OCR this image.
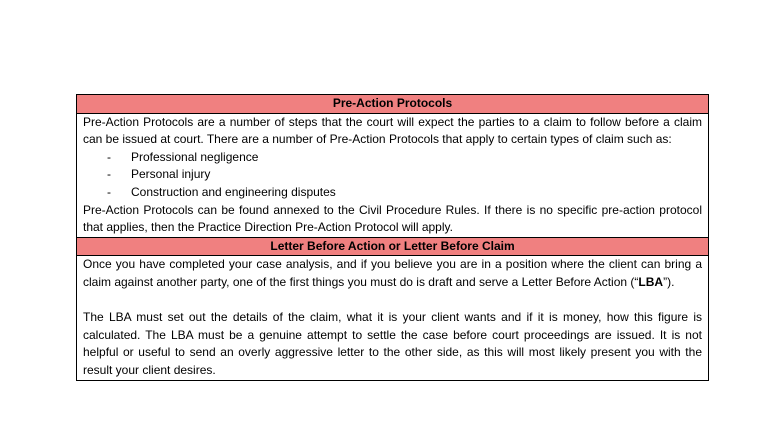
Pre-Action Protocols

Pre-Action Protocols are a number of steps that the court will expect the parties to a claim to follow before a claim can be issued at court. There are a number of Pre-Action Protocols that apply to certain types of claim such as:

- Professional negligence
- Personal injury
- Construction and engineering disputes

Pre-Action Protocols can be found annexed to the Civil Procedure Rules. If there is no specific pre-action protocol that applies, then the Practice Direction Pre-Action Protocol will apply.

Letter Before Action or Letter Before Claim

Once you have completed your case analysis, and if you believe you are in a position where the client can bring a claim against another party, one of the first things you must do is draft and serve a Letter Before Action (“LBA”).

The LBA must set out the details of the claim, what it is your client wants and if it is money, how this figure is calculated. The LBA must be a genuine attempt to settle the case before court proceedings are issued. It is not helpful or useful to send an overly aggressive letter to the other side, as this will most likely present you with the result your client desires.
